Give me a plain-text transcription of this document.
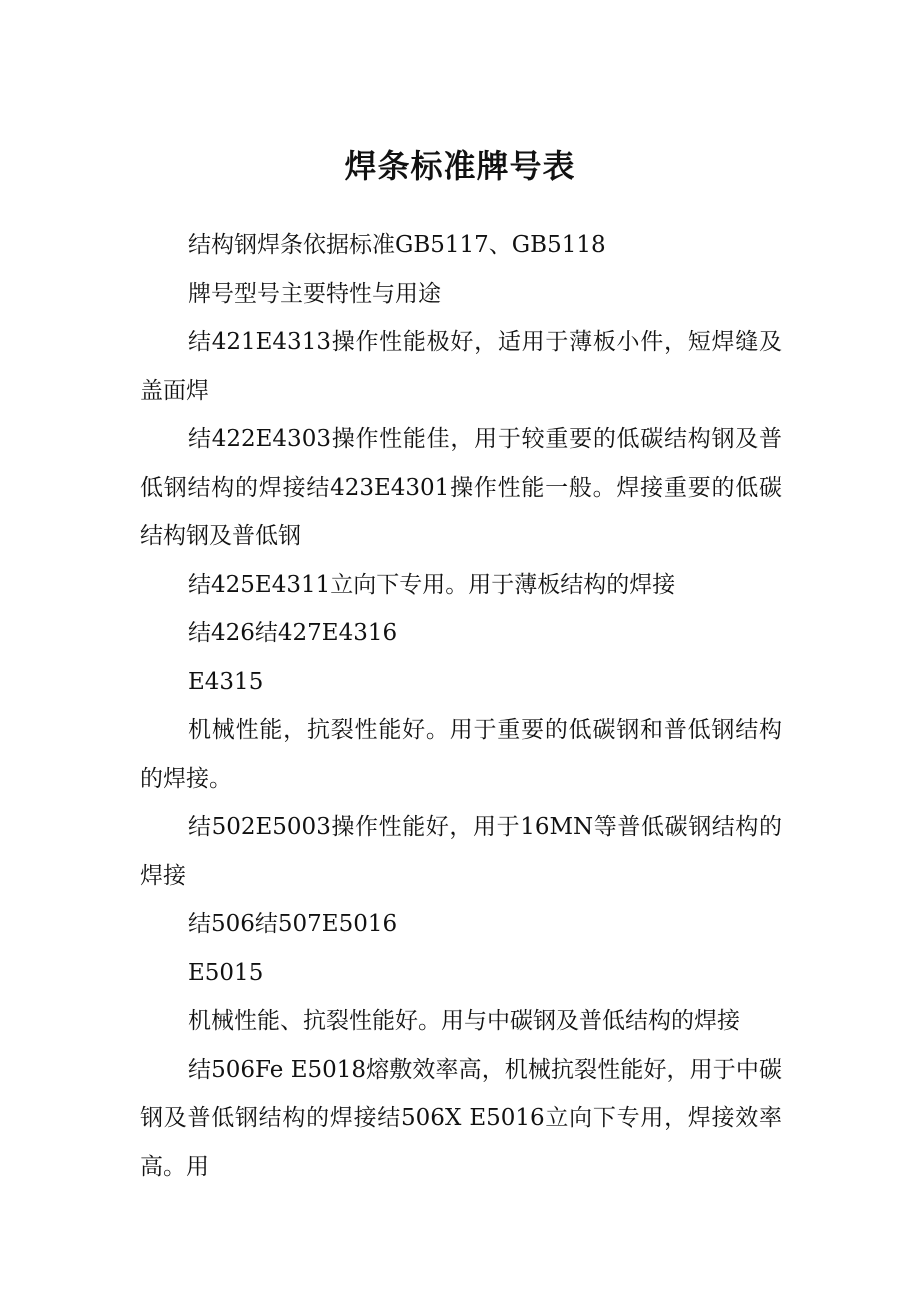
焊条标准牌号表

结构钢焊条依据标准GB5117、GB5118

牌号型号主要特性与用途

结421E4313操作性能极好，适用于薄板小件，短焊缝及盖面焊

结422E4303操作性能佳，用于较重要的低碳结构钢及普低钢结构的焊接结423E4301操作性能一般。焊接重要的低碳结构钢及普低钢

结425E4311立向下专用。用于薄板结构的焊接

结426结427E4316

E4315

机械性能，抗裂性能好。用于重要的低碳钢和普低钢结构的焊接。

结502E5003操作性能好，用于16MN等普低碳钢结构的焊接

结506结507E5016

E5015

机械性能、抗裂性能好。用与中碳钢及普低结构的焊接

结506Fe E5018熔敷效率高，机械抗裂性能好，用于中碳钢及普低钢结构的焊接结506X E5016立向下专用，焊接效率高。用
